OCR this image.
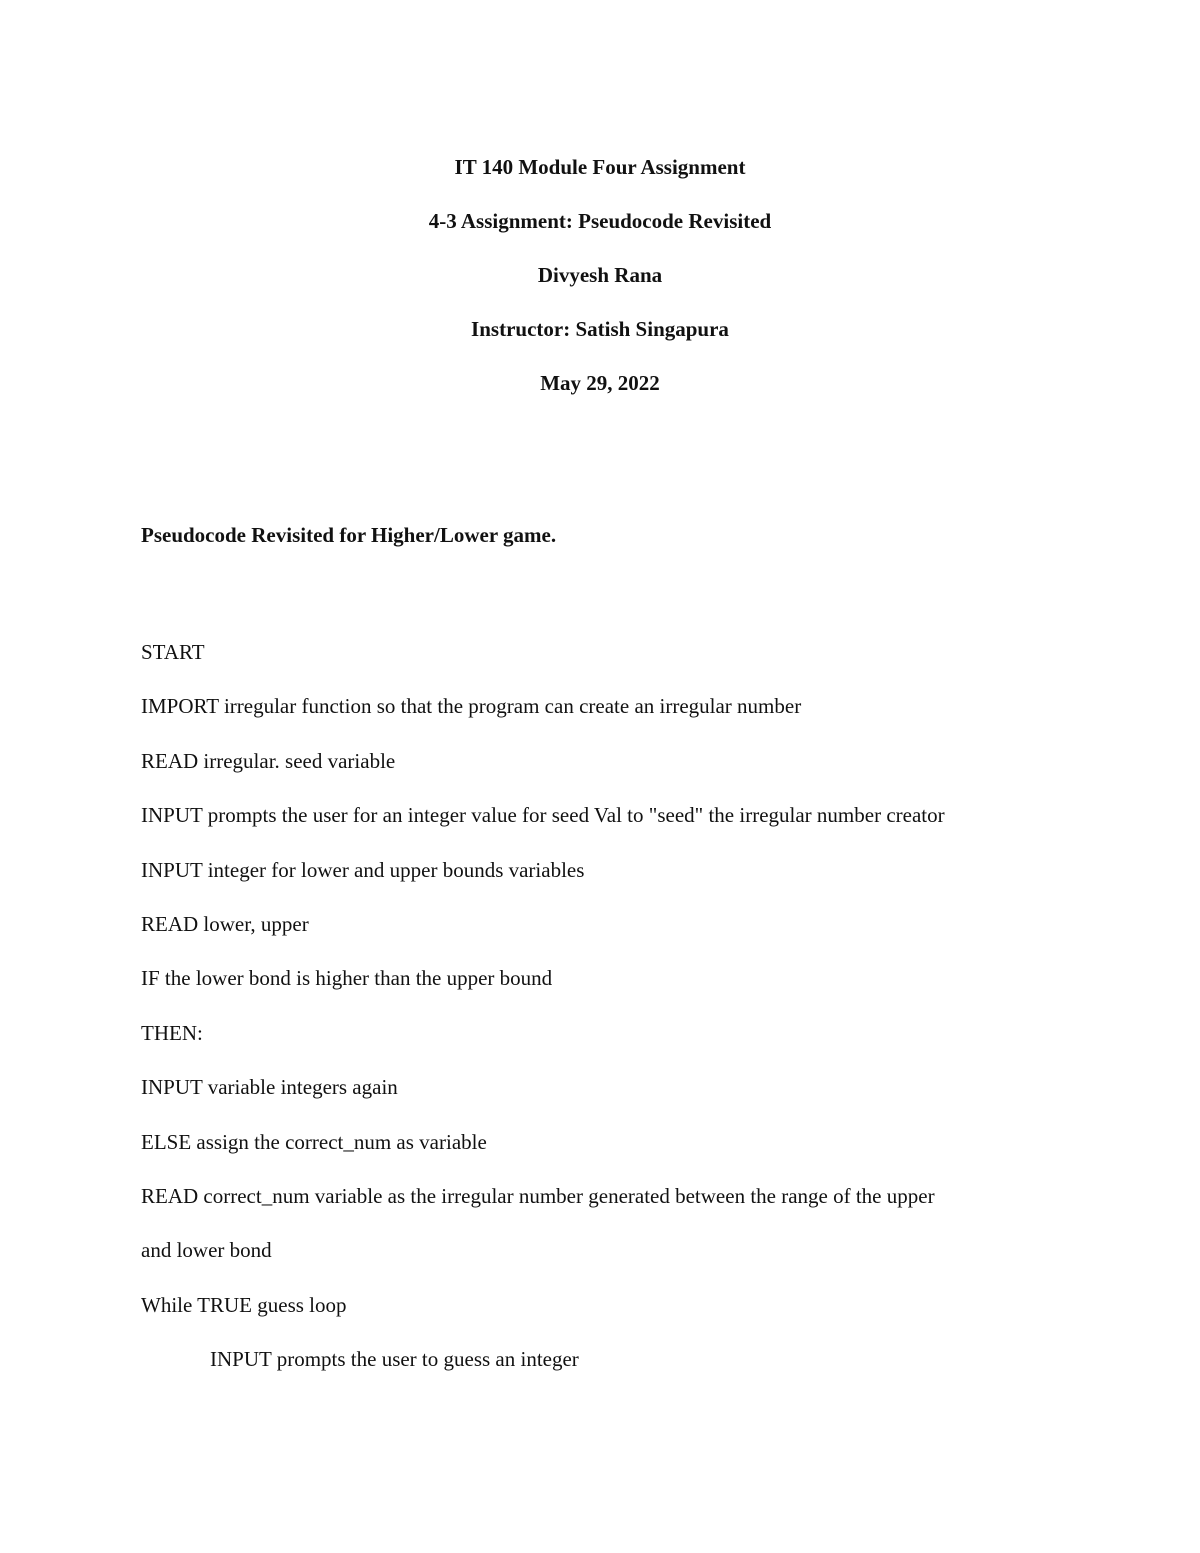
IT 140 Module Four Assignment

4-3 Assignment: Pseudocode Revisited

Divyesh Rana

Instructor: Satish Singapura

May 29, 2022

Pseudocode Revisited for Higher/Lower game.

START

IMPORT irregular function so that the program can create an irregular number

READ irregular. seed variable

INPUT prompts the user for an integer value for seed Val to "seed" the irregular number creator

INPUT integer for lower and upper bounds variables

READ lower, upper

IF the lower bond is higher than the upper bound

THEN:

INPUT variable integers again

ELSE assign the correct_num as variable

READ correct_num variable as the irregular number generated between the range of the upper

and lower bond

While TRUE guess loop

INPUT prompts the user to guess an integer
